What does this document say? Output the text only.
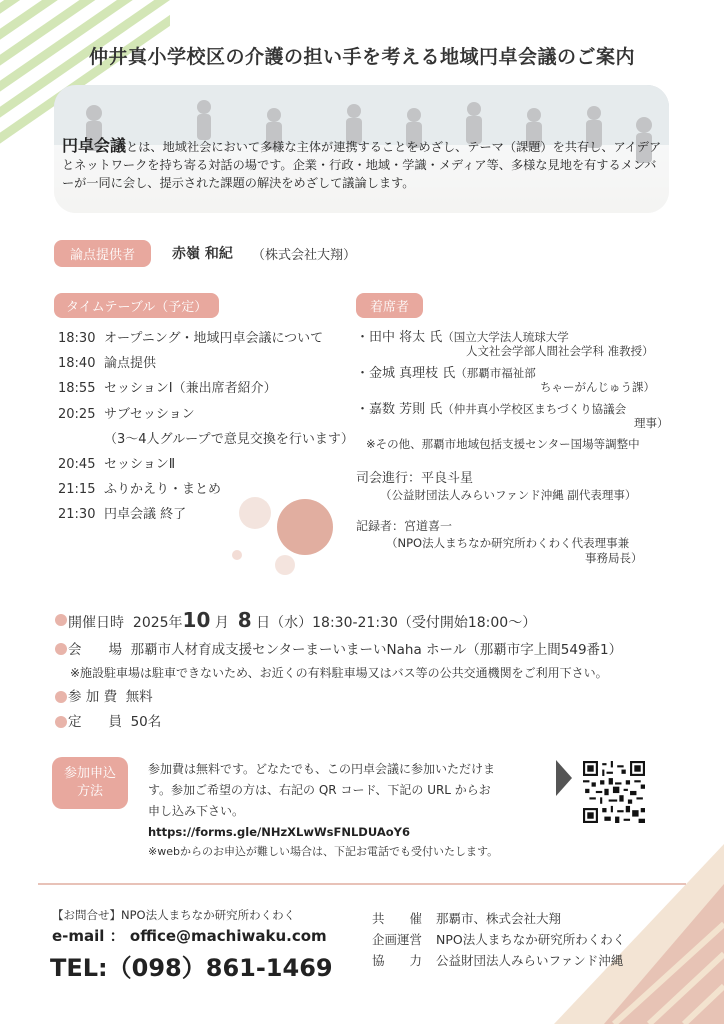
仲井真小学校区の介護の担い手を考える地域円卓会議のご案内
円卓会議とは、地域社会において多様な主体が連携することをめざし、テーマ（課題）を共有し、アイデアとネットワークを持ち寄る対話の場です。企業・行政・地域・学識・メディア等、多様な見地を有するメンバーが一同に会し、提示された課題の解決をめざして議論します。
論点提供者	赤嶺 和紀 （株式会社大翔）
タイムテーブル（予定）
18:30 オープニング・地域円卓会議について
18:40 論点提供
18:55 セッションⅠ（兼出席者紹介）
20:25 サブセッション
（3～4人グループで意見交換を行います）
20:45 セッションⅡ
21:15 ふりかえり・まとめ
21:30 円卓会議 終了
着席者
・田中 将太 氏（国立大学法人琉球大学
人文社会学部人間社会学科 准教授）
・金城 真理枝 氏（那覇市福祉部
ちゃーがんじゅう課）
・嘉数 芳則 氏（仲井真小学校区まちづくり協議会
理事）
※その他、那覇市地域包括支援センター国場等調整中
司会進行：平良斗星
（公益財団法人みらいファンド沖縄 副代表理事）
記録者：宮道喜一
（NPO法人まちなか研究所わくわく代表理事兼
事務局長）
開催日時 2025年10 月 8 日（水）18:30-21:30（受付開始18:00～）
会　　場 那覇市人材育成支援センターまーいまーいNaha ホール（那覇市字上間549番1）
※施設駐車場は駐車できないため、お近くの有料駐車場又はバス等の公共交通機関をご利用下さい。
参 加 費 無料
定　　員 50名
参加申込
方法
参加費は無料です。どなたでも、この円卓会議に参加いただけま
す。参加ご希望の方は、右記の QR コード、下記の URL からお
申し込み下さい。
https://forms.gle/NHzXLwWsFNLDUAoY6
※webからのお申込が難しい場合は、下記お電話でも受付いたします。
【お問合せ】NPO法人まちなか研究所わくわく
e-mail ： office@machiwaku.com
TEL:（098）861-1469
共　　催 那覇市、株式会社大翔
企画運営 NPO法人まちなか研究所わくわく
協　　力 公益財団法人みらいファンド沖縄
